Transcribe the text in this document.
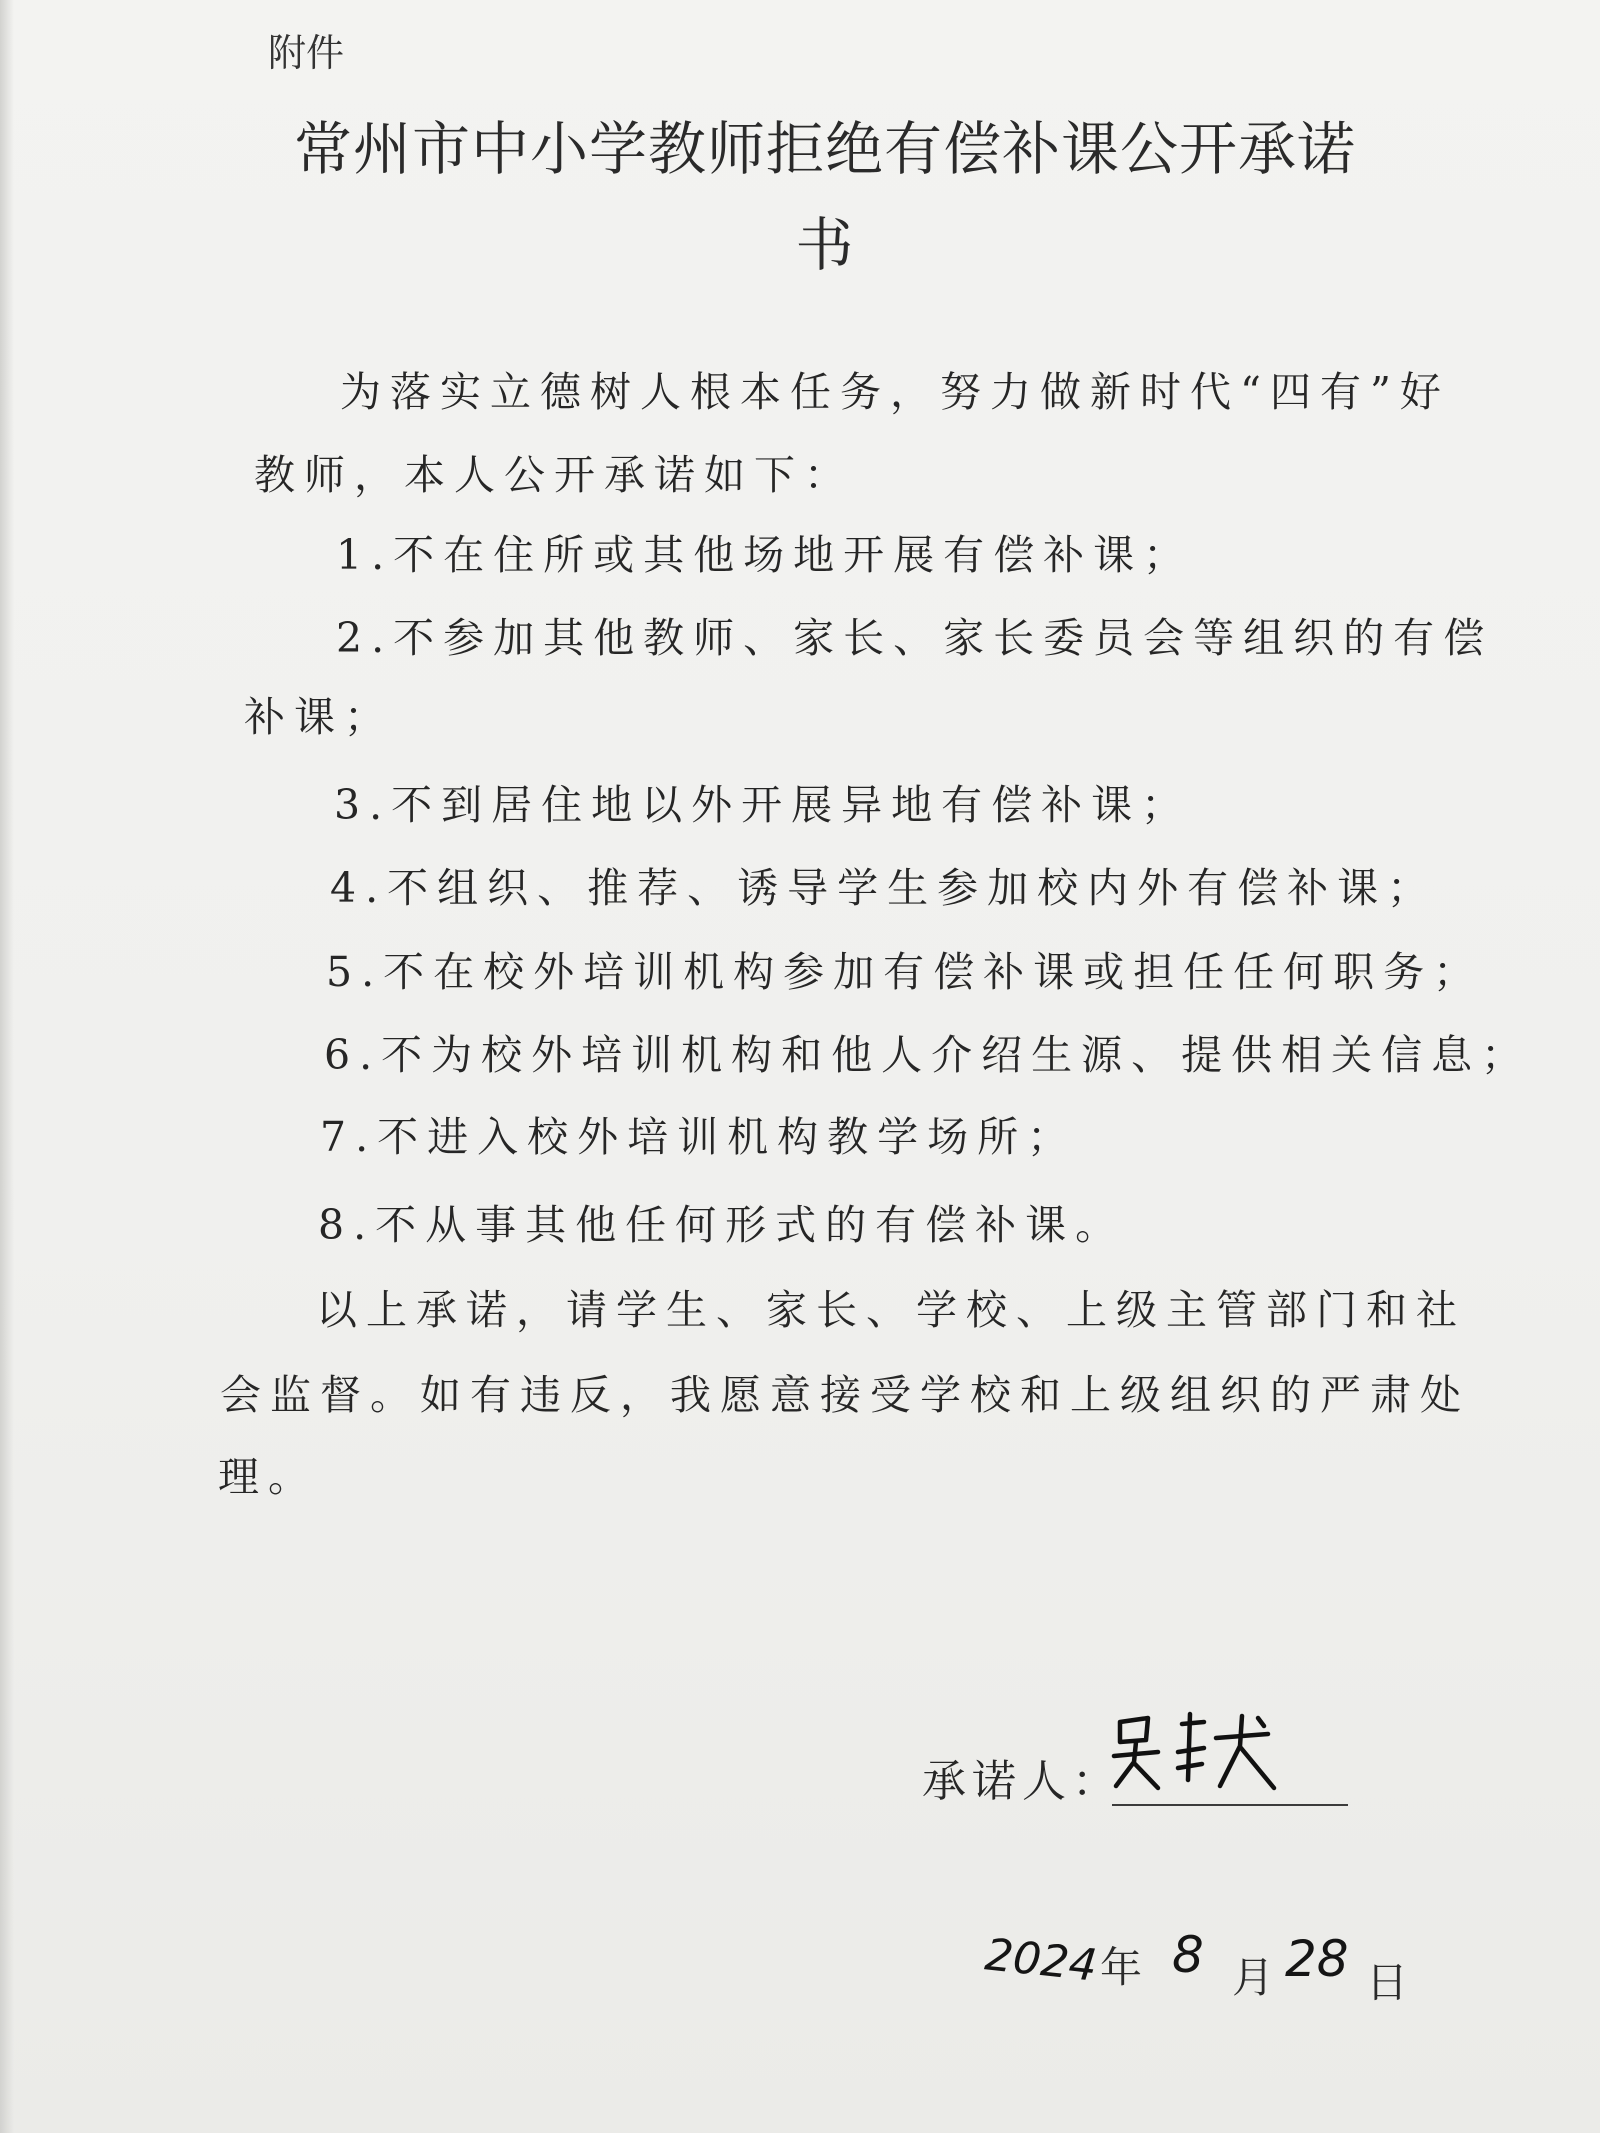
附件
常州市中小学教师拒绝有偿补课公开承诺
书
为落实立德树人根本任务，努力做新时代“四有”好
教师，本人公开承诺如下：
1.不在住所或其他场地开展有偿补课；
2.不参加其他教师、家长、家长委员会等组织的有偿
补课；
3.不到居住地以外开展异地有偿补课；
4.不组织、推荐、诱导学生参加校内外有偿补课；
5.不在校外培训机构参加有偿补课或担任任何职务；
6.不为校外培训机构和他人介绍生源、提供相关信息；
7.不进入校外培训机构教学场所；
8.不从事其他任何形式的有偿补课。
以上承诺，请学生、家长、学校、上级主管部门和社
会监督。如有违反，我愿意接受学校和上级组织的严肃处
理。
承诺人：
2024 年 8 月 28 日
